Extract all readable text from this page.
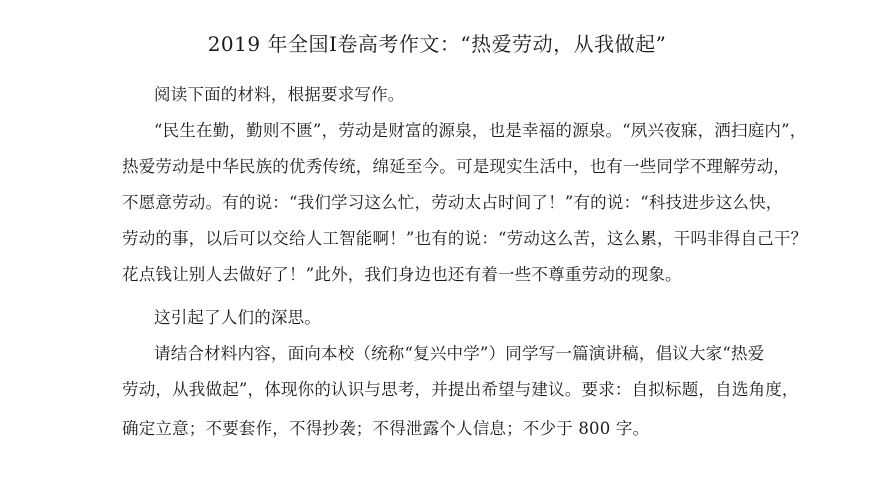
2019 年全国Ⅰ卷高考作文：“热爱劳动，从我做起”
阅读下面的材料，根据要求写作。
“民生在勤，勤则不匮”，劳动是财富的源泉，也是幸福的源泉。“夙兴夜寐，洒扫庭内”，
热爱劳动是中华民族的优秀传统，绵延至今。可是现实生活中，也有一些同学不理解劳动，
不愿意劳动。有的说：“我们学习这么忙，劳动太占时间了！”有的说：“科技进步这么快，
劳动的事，以后可以交给人工智能啊！”也有的说：“劳动这么苦，这么累，干吗非得自己干？
花点钱让别人去做好了！”此外，我们身边也还有着一些不尊重劳动的现象。
这引起了人们的深思。
请结合材料内容，面向本校（统称“复兴中学”）同学写一篇演讲稿，倡议大家“热爱
劳动，从我做起”，体现你的认识与思考，并提出希望与建议。要求：自拟标题，自选角度，
确定立意；不要套作，不得抄袭；不得泄露个人信息；不少于 800 字。
